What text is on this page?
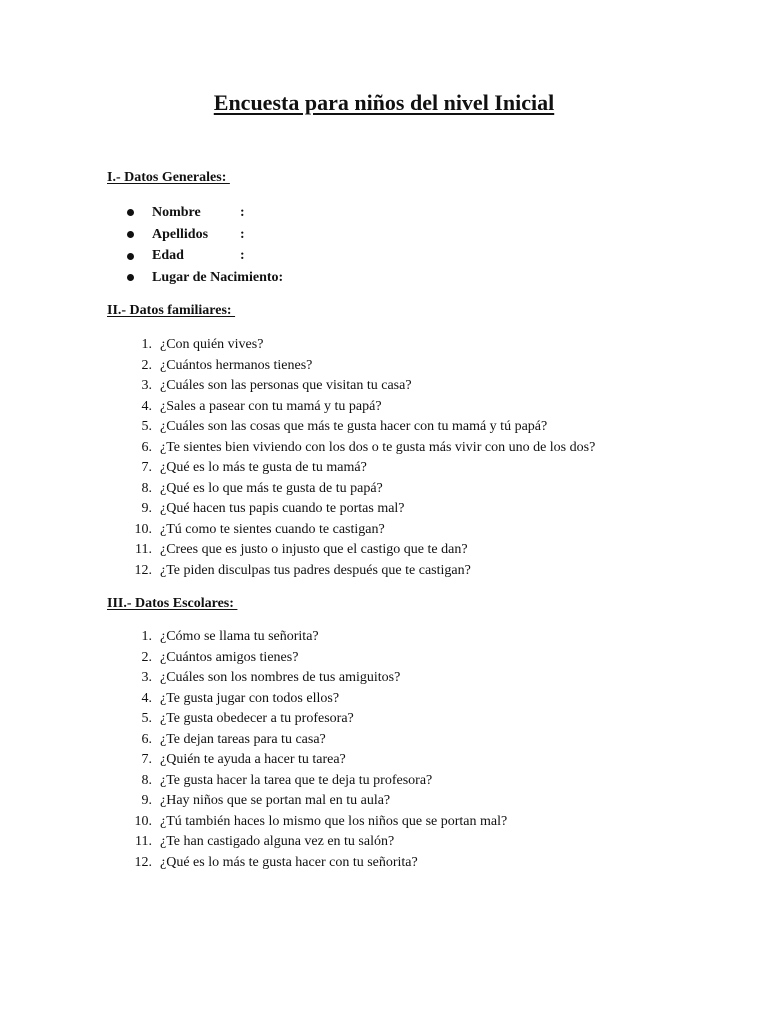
Encuesta para niños del nivel Inicial
I.- Datos Generales:
Nombre	:
Apellidos	:
Edad	:
Lugar de Nacimiento:
II.- Datos familiares:
1. ¿Con quién vives?
2. ¿Cuántos hermanos tienes?
3. ¿Cuáles son las personas que visitan tu casa?
4. ¿Sales a pasear con tu mamá y tu papá?
5. ¿Cuáles son las cosas que más te gusta hacer con tu mamá y tú papá?
6. ¿Te sientes bien viviendo con los dos o te gusta más vivir con uno de los dos?
7. ¿Qué es lo más te gusta de tu mamá?
8. ¿Qué es lo que más te gusta de tu papá?
9. ¿Qué hacen tus papis cuando te portas mal?
10. ¿Tú como te sientes cuando te castigan?
11. ¿Crees que es justo o injusto que el castigo que te dan?
12. ¿Te piden disculpas tus padres después que te castigan?
III.- Datos Escolares:
1. ¿Cómo se llama tu señorita?
2. ¿Cuántos amigos tienes?
3. ¿Cuáles son los nombres de tus amiguitos?
4. ¿Te gusta jugar con todos ellos?
5. ¿Te gusta obedecer a tu profesora?
6. ¿Te dejan tareas para tu casa?
7. ¿Quién te ayuda a hacer tu tarea?
8. ¿Te gusta hacer la tarea que te deja tu profesora?
9. ¿Hay niños que se portan mal en tu aula?
10. ¿Tú también haces lo mismo que los niños que se portan mal?
11. ¿Te han castigado alguna vez en tu salón?
12. ¿Qué es lo más te gusta hacer con tu señorita?
